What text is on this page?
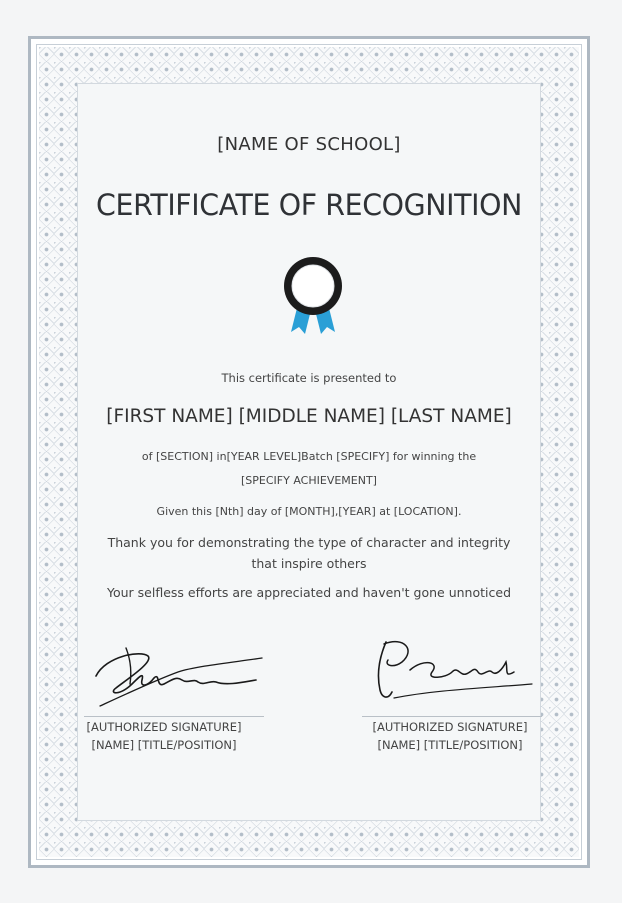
[NAME OF SCHOOL]
CERTIFICATE OF RECOGNITION
This certificate is presented to
[FIRST NAME] [MIDDLE NAME] [LAST NAME]
of [SECTION] in[YEAR LEVEL]Batch [SPECIFY] for winning the
[SPECIFY ACHIEVEMENT]
Given this [Nth] day of [MONTH],[YEAR] at [LOCATION].
Thank you for demonstrating the type of character and integrity
that inspire others
Your selfless efforts are appreciated and haven't gone unnoticed
[AUTHORIZED SIGNATURE]
[NAME] [TITLE/POSITION]
[AUTHORIZED SIGNATURE]
[NAME] [TITLE/POSITION]
